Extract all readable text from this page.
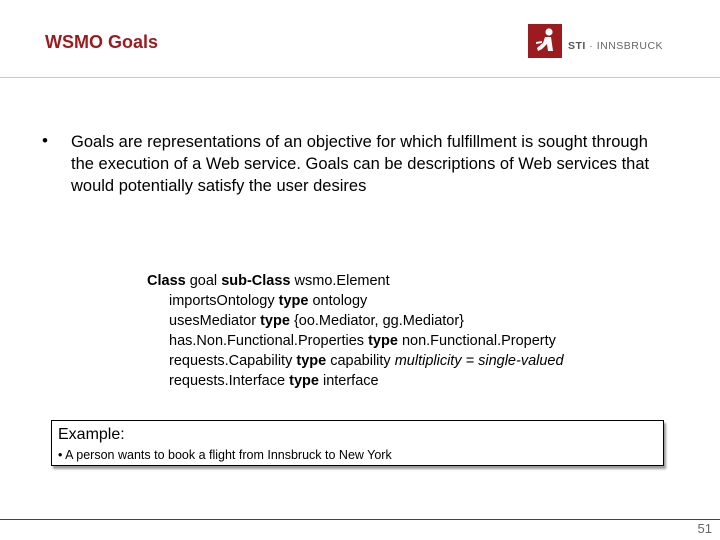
WSMO Goals	STI · INNSBRUCK
• Goals are representations of an objective for which fulfillment is sought through the execution of a Web service. Goals can be descriptions of Web services that would potentially satisfy the user desires
Class goal sub-Class wsmo.Element
importsOntology type ontology
usesMediator type {oo.Mediator, gg.Mediator}
has.Non.Functional.Properties type non.Functional.Property
requests.Capability type capability multiplicity = single-valued
requests.Interface type interface
Example:
• A person wants to book a flight from Innsbruck to New York
51
